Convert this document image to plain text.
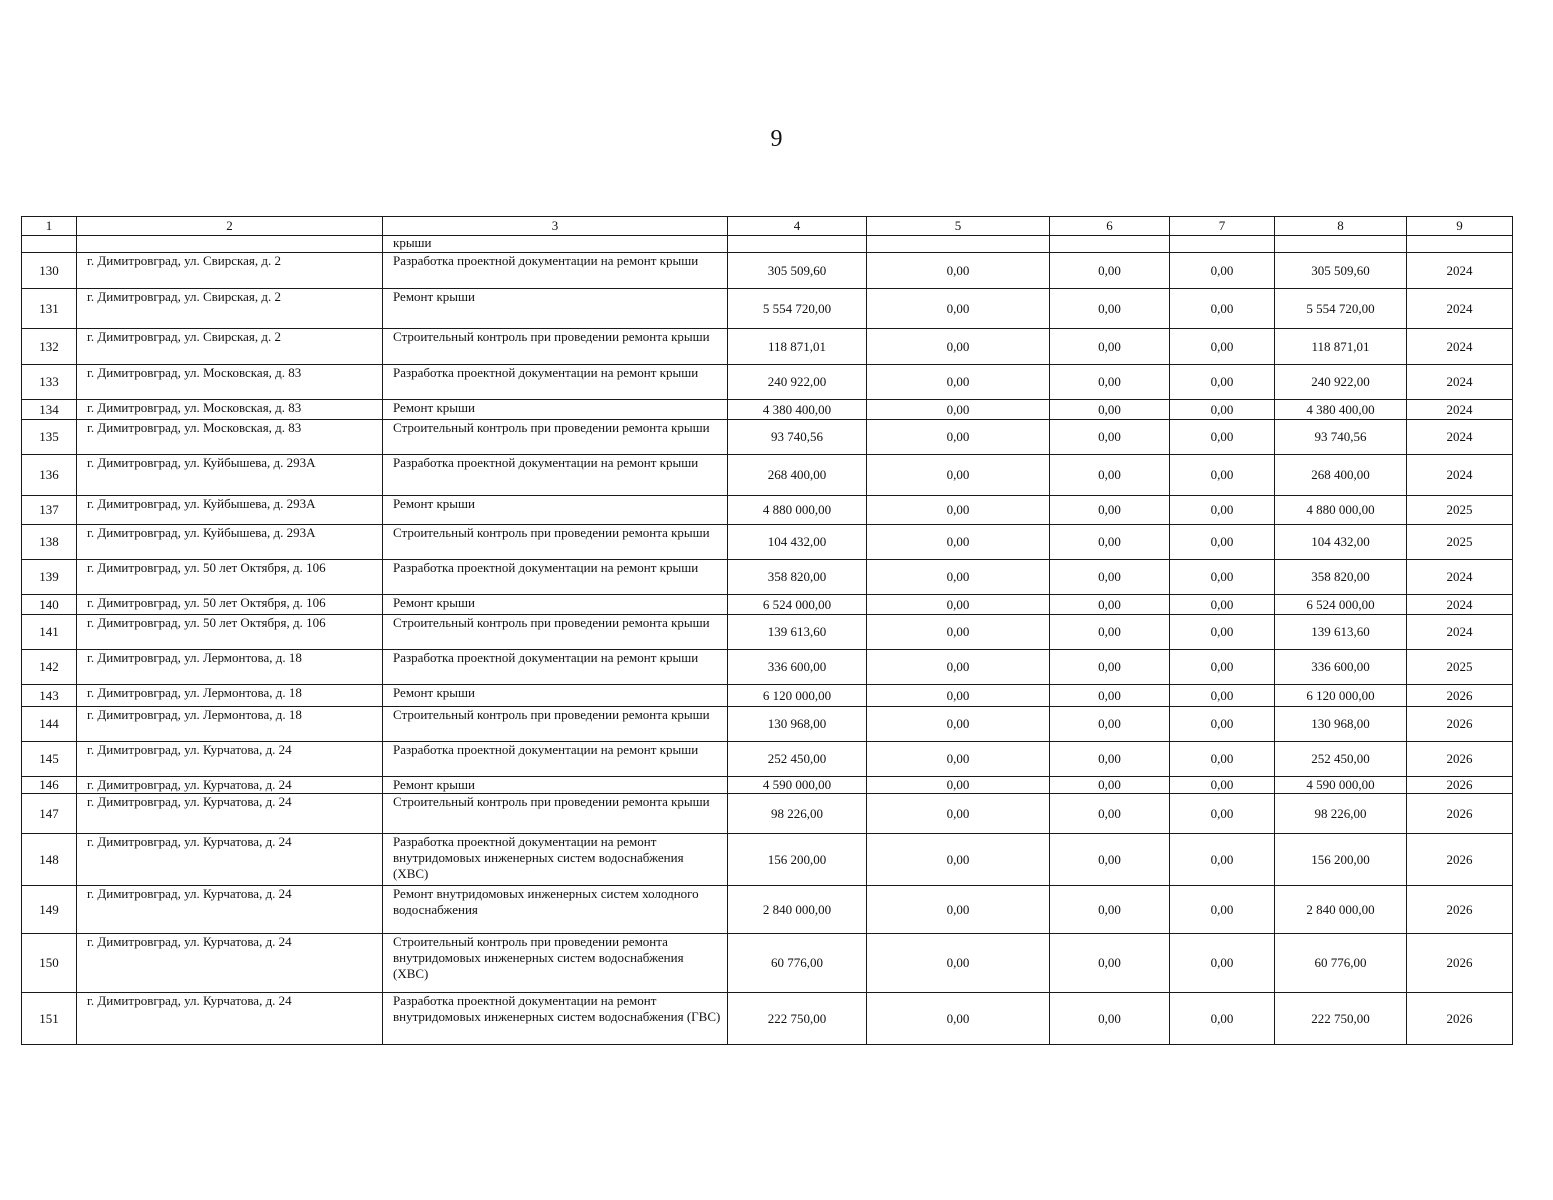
9
1	2	3	4	5	6	7	8	9
		крыши						
130	г. Димитровград, ул. Свирская, д. 2	Разработка проектной документации на ремонт крыши	305 509,60	0,00	0,00	0,00	305 509,60	2024
131	г. Димитровград, ул. Свирская, д. 2	Ремонт крыши	5 554 720,00	0,00	0,00	0,00	5 554 720,00	2024
132	г. Димитровград, ул. Свирская, д. 2	Строительный контроль при проведении ремонта крыши	118 871,01	0,00	0,00	0,00	118 871,01	2024
133	г. Димитровград, ул. Московская, д. 83	Разработка проектной документации на ремонт крыши	240 922,00	0,00	0,00	0,00	240 922,00	2024
134	г. Димитровград, ул. Московская, д. 83	Ремонт крыши	4 380 400,00	0,00	0,00	0,00	4 380 400,00	2024
135	г. Димитровград, ул. Московская, д. 83	Строительный контроль при проведении ремонта крыши	93 740,56	0,00	0,00	0,00	93 740,56	2024
136	г. Димитровград, ул. Куйбышева, д. 293А	Разработка проектной документации на ремонт крыши	268 400,00	0,00	0,00	0,00	268 400,00	2024
137	г. Димитровград, ул. Куйбышева, д. 293А	Ремонт крыши	4 880 000,00	0,00	0,00	0,00	4 880 000,00	2025
138	г. Димитровград, ул. Куйбышева, д. 293А	Строительный контроль при проведении ремонта крыши	104 432,00	0,00	0,00	0,00	104 432,00	2025
139	г. Димитровград, ул. 50 лет Октября, д. 106	Разработка проектной документации на ремонт крыши	358 820,00	0,00	0,00	0,00	358 820,00	2024
140	г. Димитровград, ул. 50 лет Октября, д. 106	Ремонт крыши	6 524 000,00	0,00	0,00	0,00	6 524 000,00	2024
141	г. Димитровград, ул. 50 лет Октября, д. 106	Строительный контроль при проведении ремонта крыши	139 613,60	0,00	0,00	0,00	139 613,60	2024
142	г. Димитровград, ул. Лермонтова, д. 18	Разработка проектной документации на ремонт крыши	336 600,00	0,00	0,00	0,00	336 600,00	2025
143	г. Димитровград, ул. Лермонтова, д. 18	Ремонт крыши	6 120 000,00	0,00	0,00	0,00	6 120 000,00	2026
144	г. Димитровград, ул. Лермонтова, д. 18	Строительный контроль при проведении ремонта крыши	130 968,00	0,00	0,00	0,00	130 968,00	2026
145	г. Димитровград, ул. Курчатова, д. 24	Разработка проектной документации на ремонт крыши	252 450,00	0,00	0,00	0,00	252 450,00	2026
146	г. Димитровград, ул. Курчатова, д. 24	Ремонт крыши	4 590 000,00	0,00	0,00	0,00	4 590 000,00	2026
147	г. Димитровград, ул. Курчатова, д. 24	Строительный контроль при проведении ремонта крыши	98 226,00	0,00	0,00	0,00	98 226,00	2026
148	г. Димитровград, ул. Курчатова, д. 24	Разработка проектной документации на ремонт внутридомовых инженерных систем водоснабжения (ХВС)	156 200,00	0,00	0,00	0,00	156 200,00	2026
149	г. Димитровград, ул. Курчатова, д. 24	Ремонт внутридомовых инженерных систем холодного водоснабжения	2 840 000,00	0,00	0,00	0,00	2 840 000,00	2026
150	г. Димитровград, ул. Курчатова, д. 24	Строительный контроль при проведении ремонта внутридомовых инженерных систем водоснабжения (ХВС)	60 776,00	0,00	0,00	0,00	60 776,00	2026
151	г. Димитровград, ул. Курчатова, д. 24	Разработка проектной документации на ремонт внутридомовых инженерных систем водоснабжения (ГВС)	222 750,00	0,00	0,00	0,00	222 750,00	2026
